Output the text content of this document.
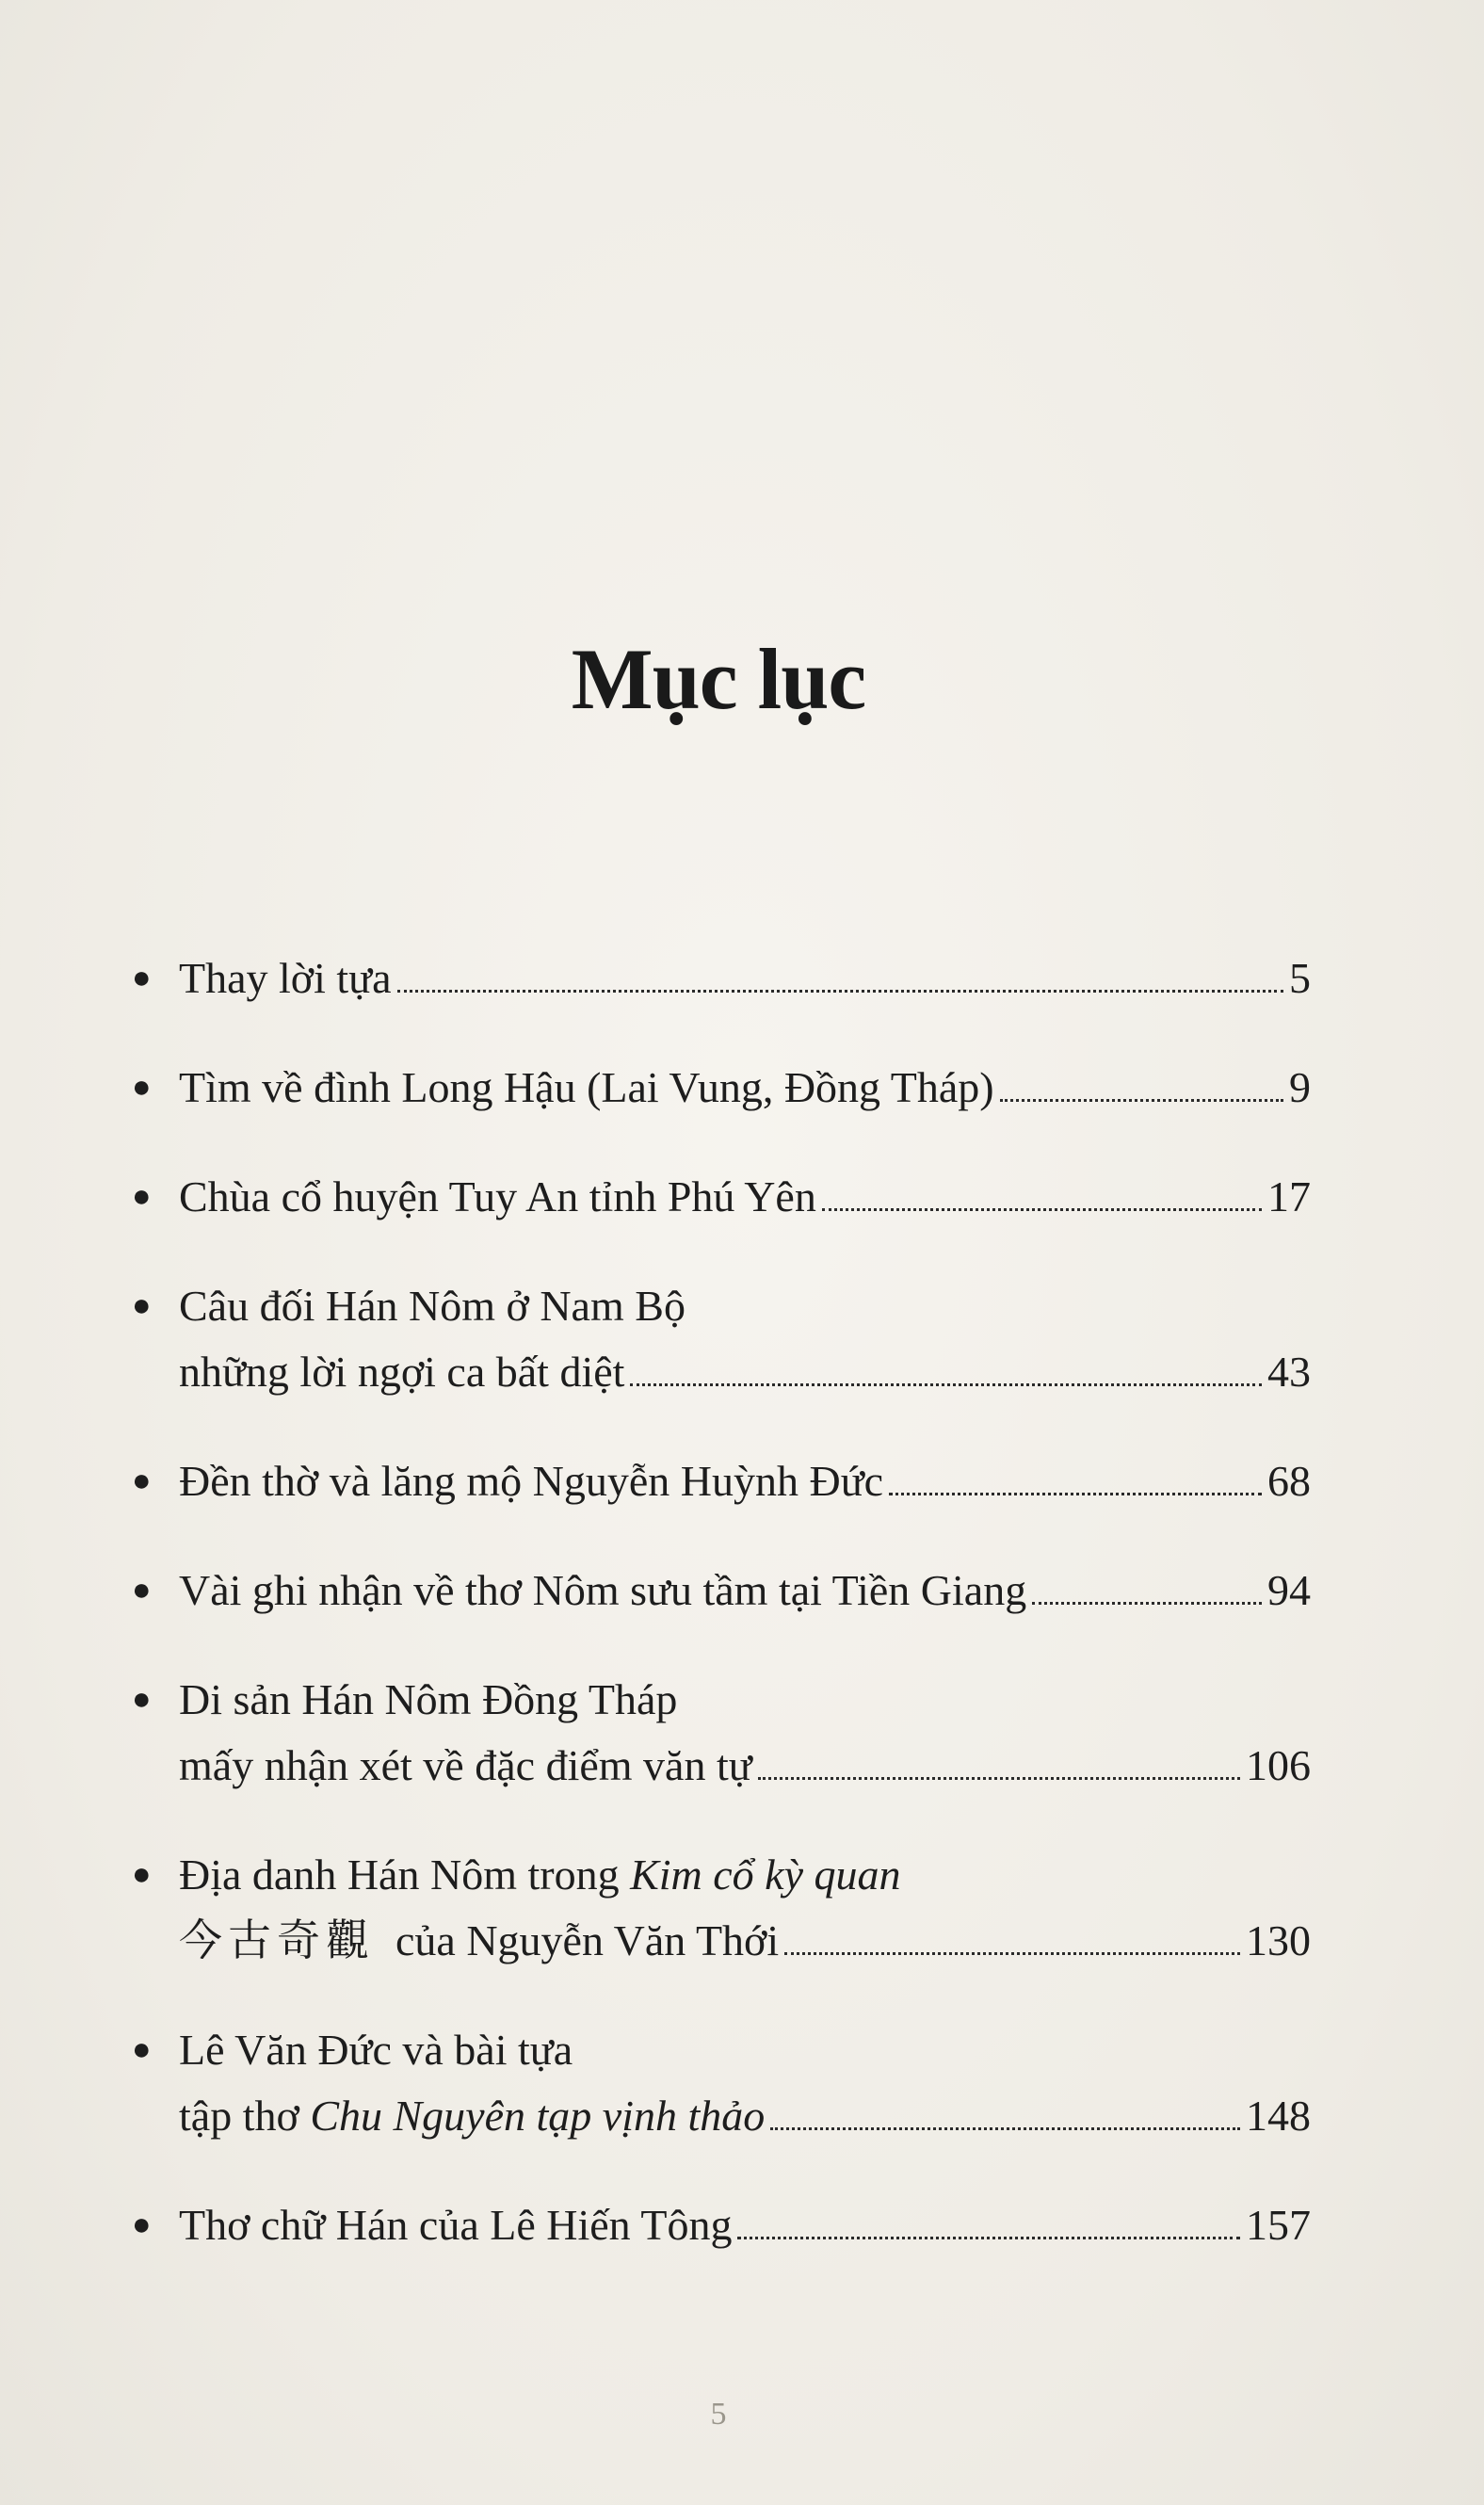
Mục lục
● Thay lời tựa	5
● Tìm về đình Long Hậu (Lai Vung, Đồng Tháp)	9
● Chùa cổ huyện Tuy An tỉnh Phú Yên	17
● Câu đối Hán Nôm ở Nam Bộ
những lời ngợi ca bất diệt	43
● Đền thờ và lăng mộ Nguyễn Huỳnh Đức	68
● Vài ghi nhận về thơ Nôm sưu tầm tại Tiền Giang	94
● Di sản Hán Nôm Đồng Tháp
mấy nhận xét về đặc điểm văn tự	106
● Địa danh Hán Nôm trong Kim cổ kỳ quan
今古奇觀 của Nguyễn Văn Thới	130
● Lê Văn Đức và bài tựa
tập thơ Chu Nguyên tạp vịnh thảo	148
● Thơ chữ Hán của Lê Hiến Tông	157
5
